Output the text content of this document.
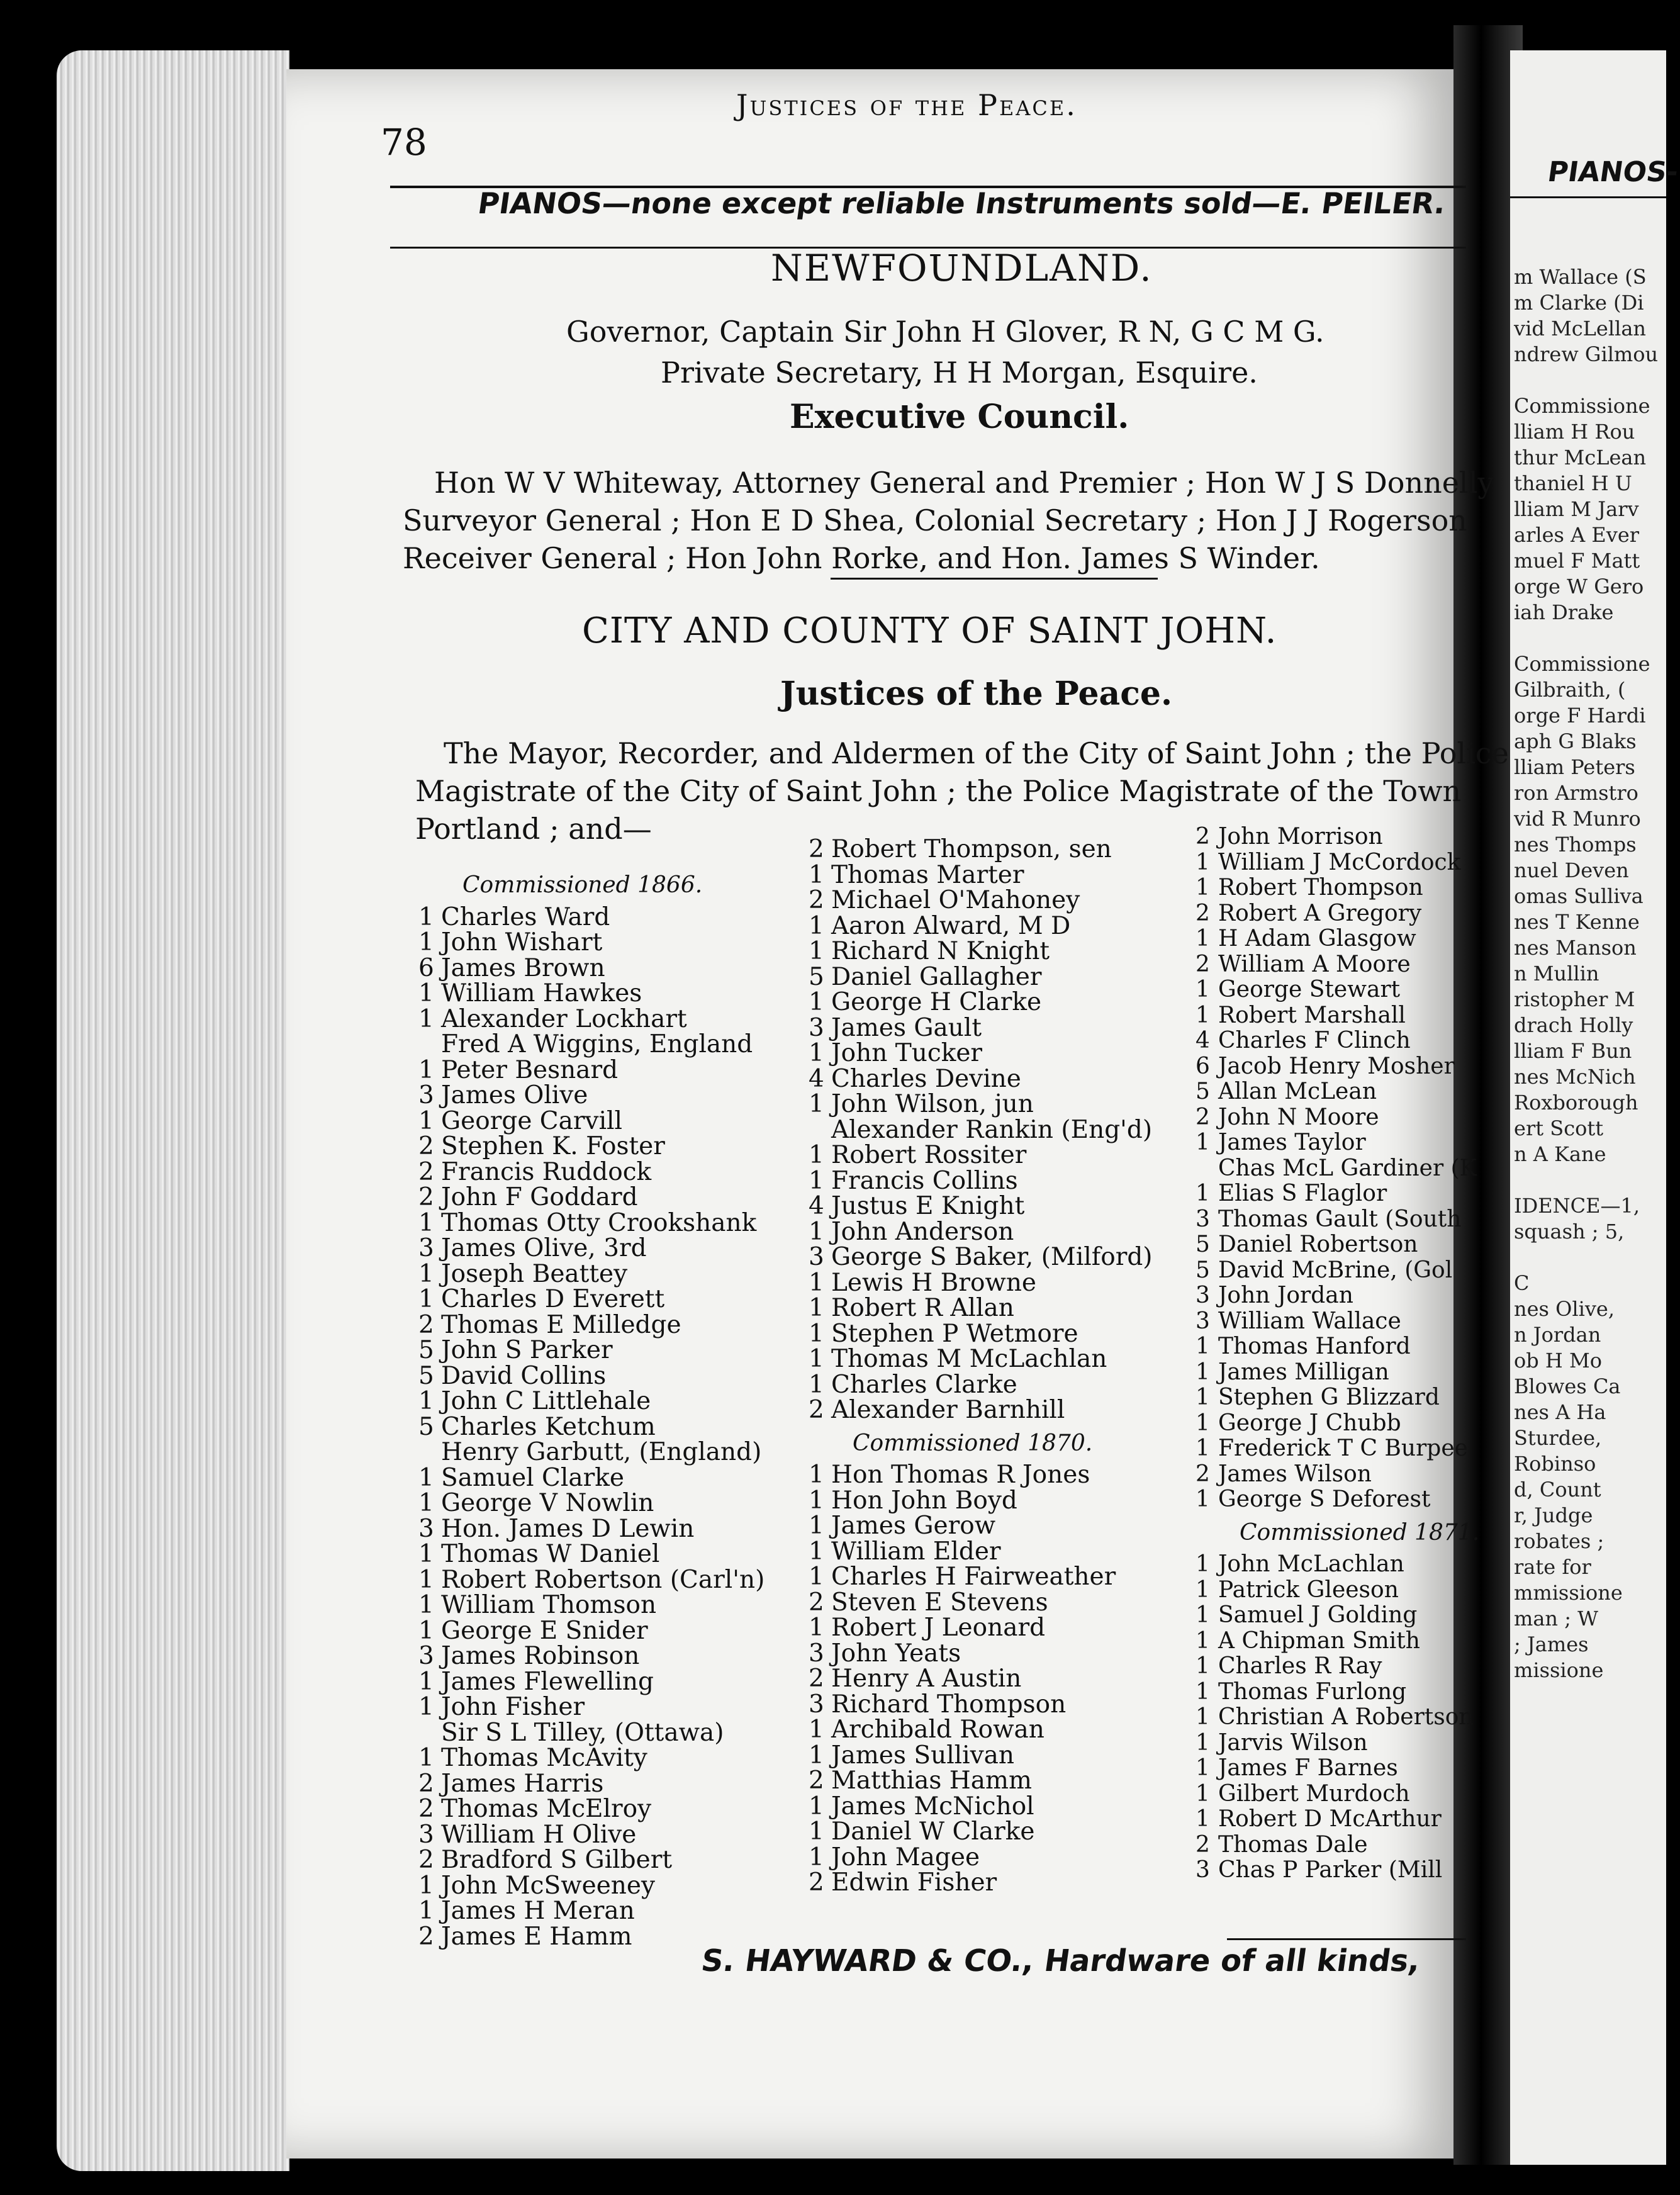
PIANOS-
m Wallace (S
m Clarke (Di
vid McLellan
ndrew Gilmou
Commissione
lliam H Rou
thur McLean
thaniel H U
lliam M Jarv
arles A Ever
muel F Matt
orge W Gero
iah Drake
Commissione
Gilbraith, (
orge F Hardi
aph G Blaks
lliam Peters
ron Armstro
vid R Munro
nes Thomps
nuel Deven
omas Sulliva
nes T Kenne
nes Manson
n Mullin
ristopher M
drach Holly
lliam F Bun
nes McNich
Roxborough
ert Scott
n A Kane
IDENCE—1,
squash ; 5,
C
nes Olive,
n Jordan
ob H Mo
Blowes Ca
nes A Ha
Sturdee,
Robinso
d, Count
r, Judge
robates ;
rate for
mmissione
man ; W
; James
missione
78
Justices of the Peace.
PIANOS—none except reliable Instruments sold—E. PEILER.
NEWFOUNDLAND.
Governor, Captain Sir John H Glover, R N, G C M G.
Private Secretary, H H Morgan, Esquire.
Executive Council.
Hon W V Whiteway, Attorney General and Premier ; Hon W J S Donnelly
Surveyor General ; Hon E D Shea, Colonial Secretary ; Hon J J Rogerson
Receiver General ; Hon John Rorke, and Hon. James S Winder.
CITY AND COUNTY OF SAINT JOHN.
Justices of the Peace.
The Mayor, Recorder, and Aldermen of the City of Saint John ; the Police
Magistrate of the City of Saint John ; the Police Magistrate of the Town
Portland ; and—
Commissioned 1866.
1 Charles Ward
1 John Wishart
6 James Brown
1 William Hawkes
1 Alexander Lockhart
Fred A Wiggins, England
1 Peter Besnard
3 James Olive
1 George Carvill
2 Stephen K. Foster
2 Francis Ruddock
2 John F Goddard
1 Thomas Otty Crookshank
3 James Olive, 3rd
1 Joseph Beattey
1 Charles D Everett
2 Thomas E Milledge
5 John S Parker
5 David Collins
1 John C Littlehale
5 Charles Ketchum
Henry Garbutt, (England)
1 Samuel Clarke
1 George V Nowlin
3 Hon. James D Lewin
1 Thomas W Daniel
1 Robert Robertson (Carl'n)
1 William Thomson
1 George E Snider
3 James Robinson
1 James Flewelling
1 John Fisher
Sir S L Tilley, (Ottawa)
1 Thomas McAvity
2 James Harris
2 Thomas McElroy
3 William H Olive
2 Bradford S Gilbert
1 John McSweeney
1 James H Meran
2 James E Hamm
2 Robert Thompson, sen
1 Thomas Marter
2 Michael O'Mahoney
1 Aaron Alward, M D
1 Richard N Knight
5 Daniel Gallagher
1 George H Clarke
3 James Gault
1 John Tucker
4 Charles Devine
1 John Wilson, jun
Alexander Rankin (Eng'd)
1 Robert Rossiter
1 Francis Collins
4 Justus E Knight
1 John Anderson
3 George S Baker, (Milford)
1 Lewis H Browne
1 Robert R Allan
1 Stephen P Wetmore
1 Thomas M McLachlan
1 Charles Clarke
2 Alexander Barnhill
Commissioned 1870.
1 Hon Thomas R Jones
1 Hon John Boyd
1 James Gerow
1 William Elder
1 Charles H Fairweather
2 Steven E Stevens
1 Robert J Leonard
3 John Yeats
2 Henry A Austin
3 Richard Thompson
1 Archibald Rowan
1 James Sullivan
2 Matthias Hamm
1 James McNichol
1 Daniel W Clarke
1 John Magee
2 Edwin Fisher
2 John Morrison
1 William J McCordock
1 Robert Thompson
2 Robert A Gregory
1 H Adam Glasgow
2 William A Moore
1 George Stewart
1 Robert Marshall
4 Charles F Clinch
6 Jacob Henry Mosher
5 Allan McLean
2 John N Moore
1 James Taylor
Chas McL Gardiner (K
1 Elias S Flaglor
3 Thomas Gault (South
5 Daniel Robertson
5 David McBrine, (Gol
3 John Jordan
3 William Wallace
1 Thomas Hanford
1 James Milligan
1 Stephen G Blizzard
1 George J Chubb
1 Frederick T C Burpee
2 James Wilson
1 George S Deforest
Commissioned 1871.
1 John McLachlan
1 Patrick Gleeson
1 Samuel J Golding
1 A Chipman Smith
1 Charles R Ray
1 Thomas Furlong
1 Christian A Robertson
1 Jarvis Wilson
1 James F Barnes
1 Gilbert Murdoch
1 Robert D McArthur
2 Thomas Dale
3 Chas P Parker (Mill
S. HAYWARD & CO., Hardware of all kinds,
